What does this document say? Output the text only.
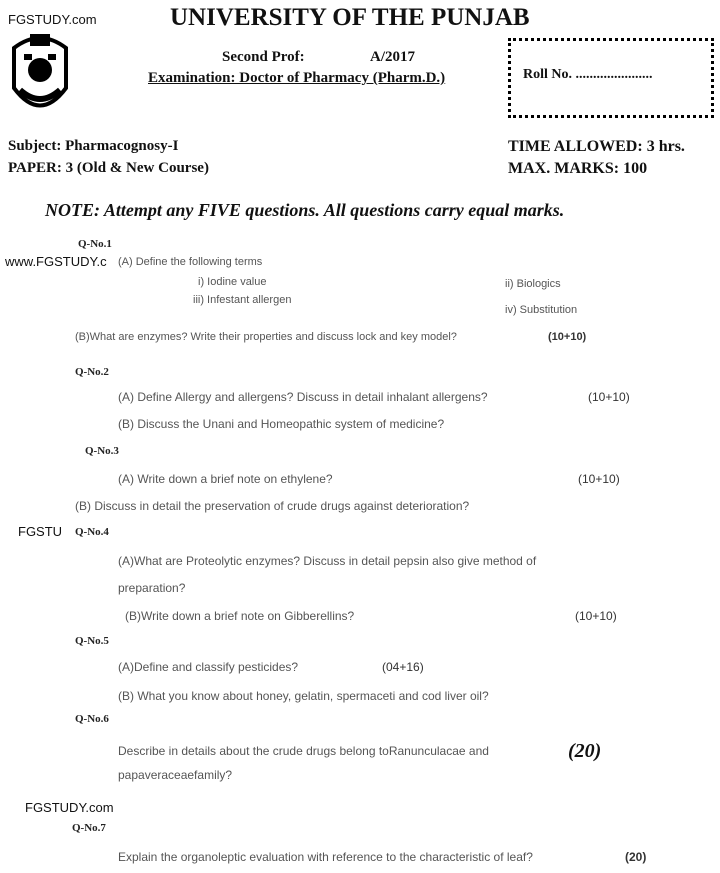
FGSTUDY.com	UNIVERSITY OF THE PUNJAB
Second Prof:	A/2017
Examination: Doctor of Pharmacy (Pharm.D.)	Roll No. ......................
Subject: Pharmacognosy-I
PAPER: 3 (Old & New Course)
TIME ALLOWED: 3 hrs.
MAX. MARKS: 100
NOTE: Attempt any FIVE questions. All questions carry equal marks.
Q-No.1
www.FGSTUDY.c (A) Define the following terms
i) Iodine value	ii) Biologics
iii) Infestant allergen
iv) Substitution
(B)What are enzymes? Write their properties and discuss lock and key model?	(10+10)
Q-No.2
(A) Define Allergy and allergens? Discuss in detail inhalant allergens?	(10+10)
(B) Discuss the Unani and Homeopathic system of medicine?
Q-No.3
(A) Write down a brief note on ethylene?	(10+10)
(B) Discuss in detail the preservation of crude drugs against deterioration?
FGSTU Q-No.4
(A)What are Proteolytic enzymes? Discuss in detail pepsin also give method of
preparation?
(B)Write down a brief note on Gibberellins?	(10+10)
Q-No.5
(A)Define and classify pesticides?	(04+16)
(B) What you know about honey, gelatin, spermaceti and cod liver oil?
Q-No.6
Describe in details about the crude drugs belong toRanunculacae and
papaveraceaefamily?
(20)
FGSTUDY.com
Q-No.7
Explain the organoleptic evaluation with reference to the characteristic of leaf?	(20)
